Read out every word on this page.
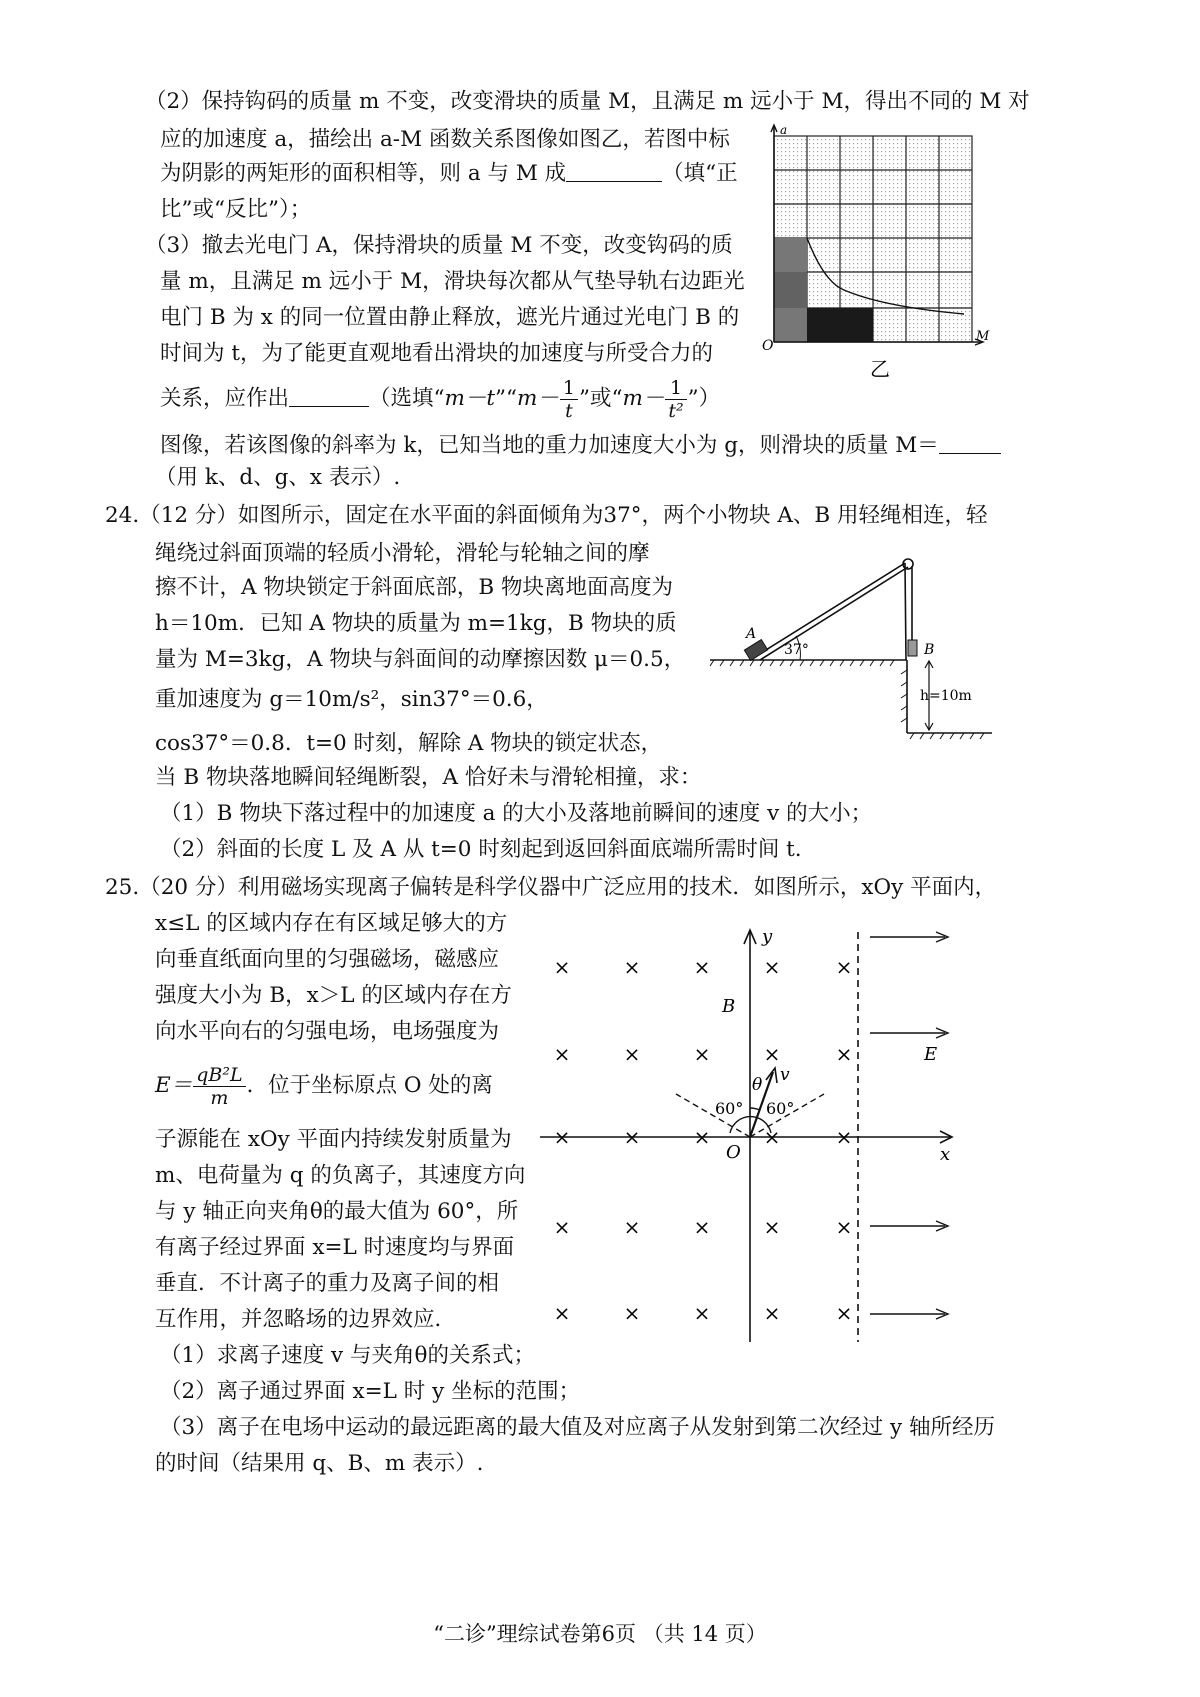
（2）保持钩码的质量 m 不变，改变滑块的质量 M，且满足 m 远小于 M，得出不同的 M 对
应的加速度 a，描绘出 a-M 函数关系图像如图乙，若图中标
为阴影的两矩形的面积相等，则 a 与 M 成	（填“正
比”或“反比”）；
（3）撤去光电门 A，保持滑块的质量 M 不变，改变钩码的质
量 m，且满足 m 远小于 M，滑块每次都从气垫导轨右边距光
电门 B 为 x 的同一位置由静止释放，遮光片通过光电门 B 的
时间为 t，为了能更直观地看出滑块的加速度与所受合力的
关系，应作出	（选填“m－t”“m－ $\frac{1}{t}$ ”或“$m- \frac{1}{\text{t²}}$ ”）
图像，若该图像的斜率为 k，已知当地的重力加速度大小为 g，则滑块的质量 M＝
（用 k、d、g、x 表示）.
a
M
O
乙
24.（12 分）如图所示，固定在水平面的斜面倾角为37°，两个小物块 A、B 用轻绳相连，轻
绳绕过斜面顶端的轻质小滑轮，滑轮与轮轴之间的摩
擦不计，A 物块锁定于斜面底部，B 物块离地面高度为
h＝10m．已知 A 物块的质量为 m=1kg，B 物块的质
量为 M=3kg，A 物块与斜面间的动摩擦因数 μ＝0.5，
重加速度为 g＝10m/s²，sin37°＝0.6，
cos37°＝0.8．t=0 时刻，解除 A 物块的锁定状态，
当 B 物块落地瞬间轻绳断裂，A 恰好未与滑轮相撞，求：
（1）B 物块下落过程中的加速度 a 的大小及落地前瞬间的速度 v 的大小；
（2）斜面的长度 L 及 A 从 t=0 时刻起到返回斜面底端所需时间 t.
A
B
37°
h=10m
25.（20 分）利用磁场实现离子偏转是科学仪器中广泛应用的技术．如图所示，xOy 平面内，
x≤L 的区域内存在有区域足够大的方
向垂直纸面向里的匀强磁场，磁感应
强度大小为 B，x＞L 的区域内存在方
向水平向右的匀强电场，电场强度为
$E= \frac{\text{qB²L}}{m}$ ．位于坐标原点 O 处的离
子源能在 xOy 平面内持续发射质量为
m、电荷量为 q 的负离子，其速度方向
与 y 轴正向夹角θ的最大值为 60°，所
有离子经过界面 x=L 时速度均与界面
垂直．不计离子的重力及离子间的相
互作用，并忽略场的边界效应．
（1）求离子速度 v 与夹角θ的关系式；
（2）离子通过界面 x=L 时 y 坐标的范围；
（3）离子在电场中运动的最远距离的最大值及对应离子从发射到第二次经过 y 轴所经历
的时间（结果用 q、B、m 表示）.
×	×	×	×	×
×	×	×	×	×
×	×	×	×	×
×	×	×	×	×
×	×	×	×	×
y
x
O
B
E
θ v
60° 60°
“二诊”理综试卷第6页 （共 14 页）
